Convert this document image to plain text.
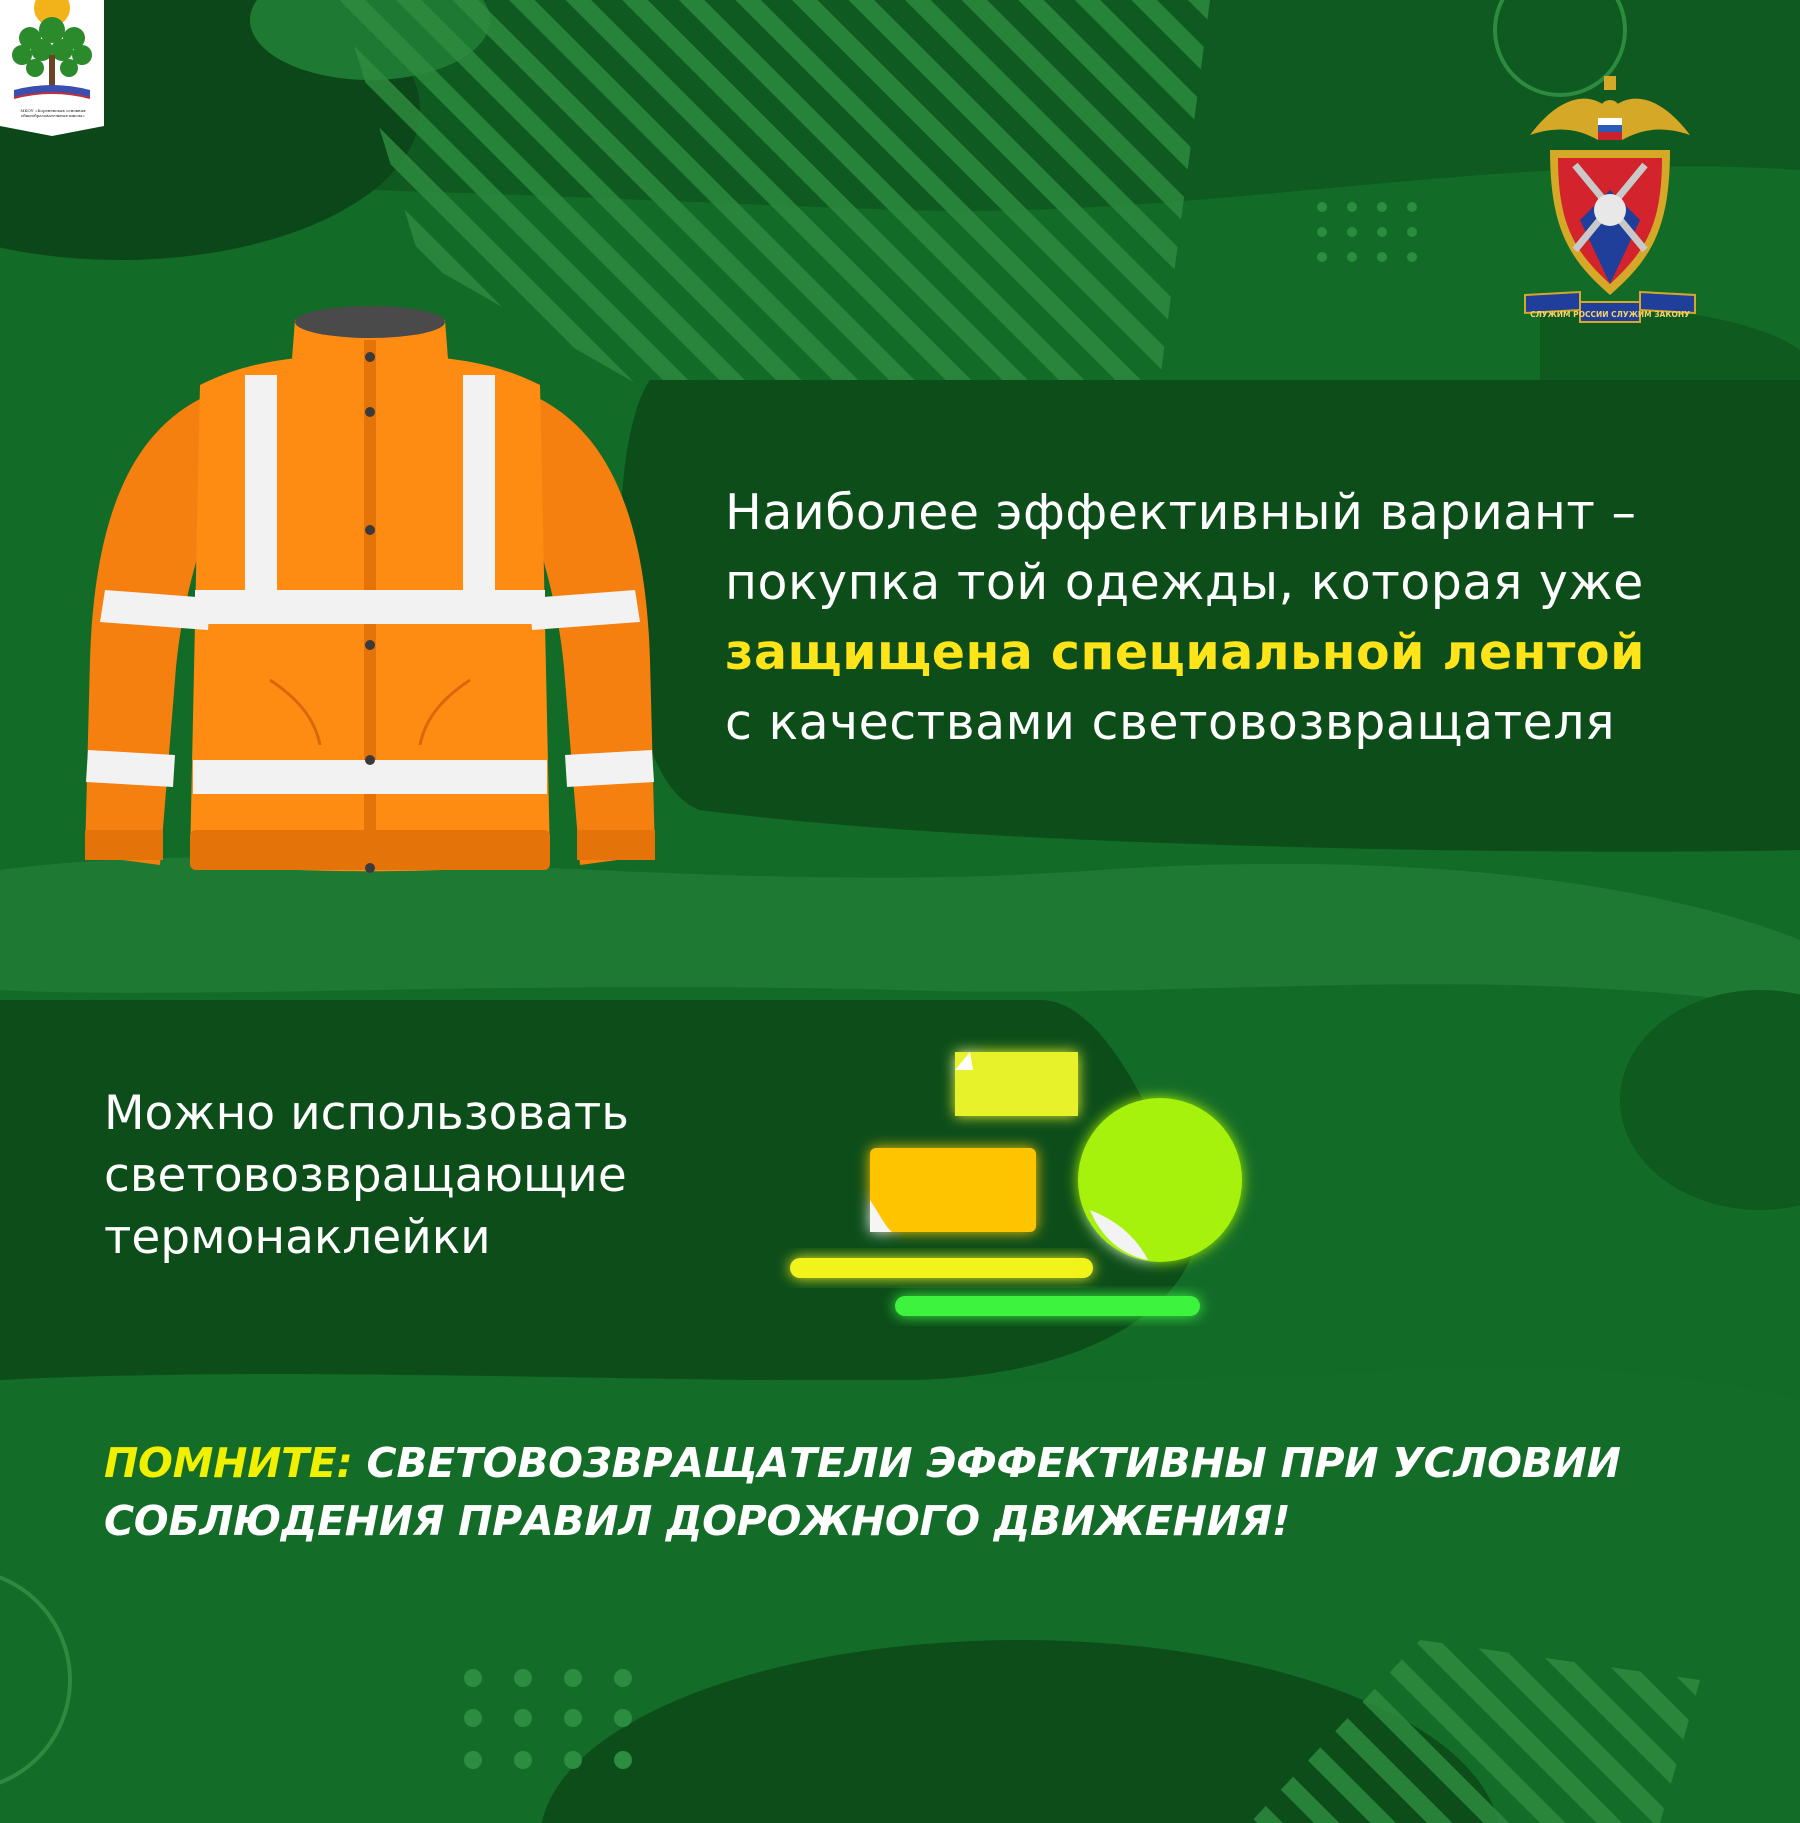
МКОУ «Кореневская основная общеобразовательная школа»
СЛУЖИМ РОССИИ СЛУЖИМ ЗАКОНУ
Наиболее эффективный вариант –
покупка той одежды, которая уже
защищена специальной лентой
с качествами световозвращателя
Можно использовать
световозвращающие
термонаклейки
ПОМНИТЕ: СВЕТОВОЗВРАЩАТЕЛИ ЭФФЕКТИВНЫ ПРИ УСЛОВИИ
СОБЛЮДЕНИЯ ПРАВИЛ ДОРОЖНОГО ДВИЖЕНИЯ!
